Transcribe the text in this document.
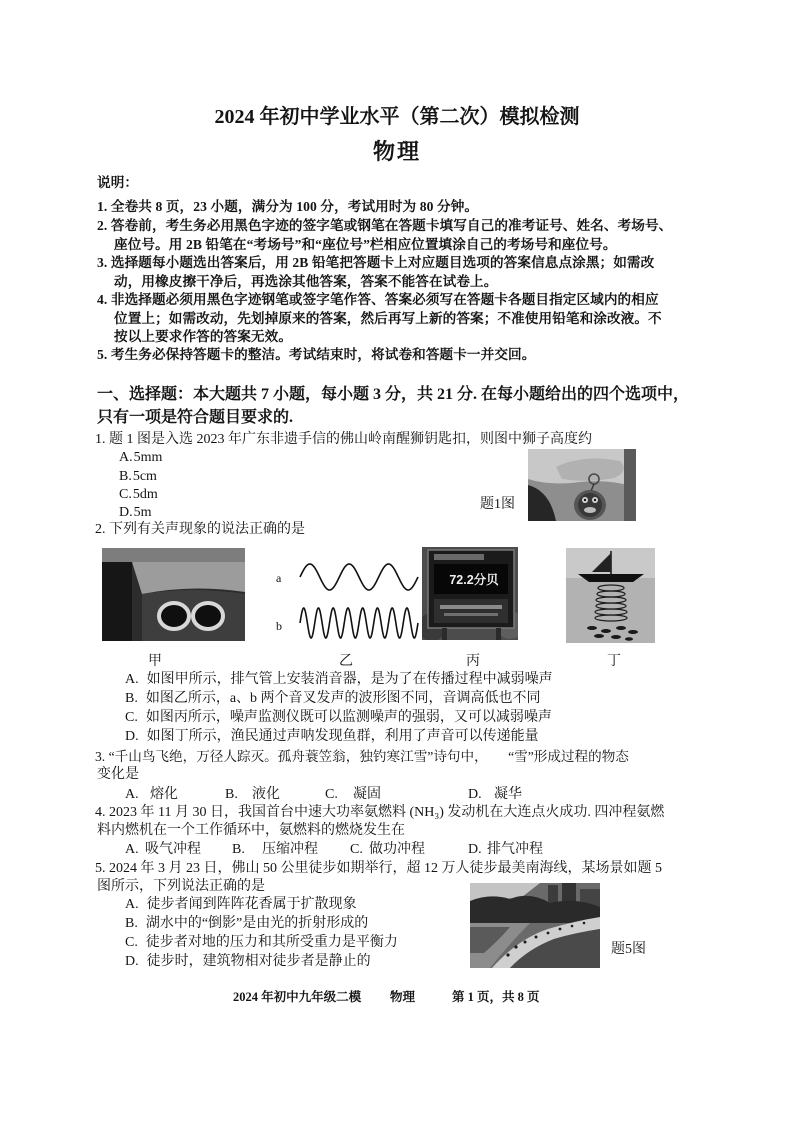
2024 年初中学业水平（第二次）模拟检测
物理
说明：
1. 全卷共 8 页，23 小题，满分为 100 分，考试用时为 80 分钟。
2. 答卷前，考生务必用黑色字迹的签字笔或钢笔在答题卡填写自己的准考证号、姓名、考场号、
座位号。用 2B 铅笔在“考场号”和“座位号”栏相应位置填涂自己的考场号和座位号。
3. 选择题每小题选出答案后，用 2B 铅笔把答题卡上对应题目选项的答案信息点涂黑；如需改
动，用橡皮擦干净后，再选涂其他答案，答案不能答在试卷上。
4. 非选择题必须用黑色字迹钢笔或签字笔作答、答案必须写在答题卡各题目指定区域内的相应
位置上；如需改动，先划掉原来的答案，然后再写上新的答案；不准使用铅笔和涂改液。不
按以上要求作答的答案无效。
5. 考生务必保持答题卡的整洁。考试结束时，将试卷和答题卡一并交回。
一、选择题：本大题共 7 小题，每小题 3 分，共 21 分. 在每小题给出的四个选项中，
只有一项是符合题目要求的.
1. 题 1 图是入选 2023 年广东非遗手信的佛山岭南醒狮钥匙扣，则图中狮子高度约
A.5mm
B.5cm
C.5dm
D.5m
题1图
2. 下列有关声现象的说法正确的是
a
b
72.2分贝
甲	乙	丙	丁
A. 如图甲所示，排气管上安装消音器，是为了在传播过程中减弱噪声
B. 如图乙所示，a、b 两个音叉发声的波形图不同，音调高低也不同
C. 如图丙所示，噪声监测仪既可以监测噪声的强弱，又可以减弱噪声
D. 如图丁所示，渔民通过声呐发现鱼群，利用了声音可以传递能量
3. “千山鸟飞绝，万径人踪灭。孤舟蓑笠翁，独钓寒江雪”诗句中，　　“雪”形成过程的物态
变化是
A. 熔化	B. 液化	C. 凝固	D. 凝华
4. 2023 年 11 月 30 日，我国首台中速大功率氨燃料 (NH₃) 发动机在大连点火成功. 四冲程氨燃
料内燃机在一个工作循环中，氨燃料的燃烧发生在
A. 吸气冲程 B. 压缩冲程 C. 做功冲程	D. 排气冲程
5. 2024 年 3 月 23 日，佛山 50 公里徒步如期举行，超 12 万人徒步最美南海线，某场景如题 5
图所示，下列说法正确的是
A. 徒步者闻到阵阵花香属于扩散现象
B. 湖水中的“倒影”是由光的折射形成的
C. 徒步者对地的压力和其所受重力是平衡力
D. 徒步时，建筑物相对徒步者是静止的
题5图
2024 年初中九年级二模 物理	第 1 页，共 8 页
